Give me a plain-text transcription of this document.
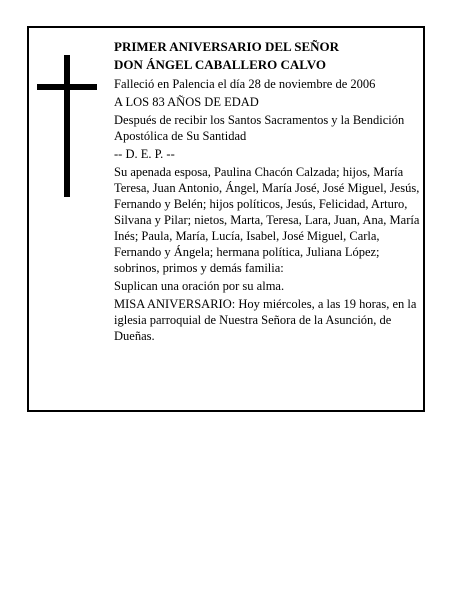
PRIMER ANIVERSARIO DEL SEÑOR

DON ÁNGEL CABALLERO CALVO

Falleció en Palencia el día 28 de noviembre de 2006

A LOS 83 AÑOS DE EDAD

Después de recibir los Santos Sacramentos y la Bendición Apostólica de Su Santidad

-- D. E. P. --

Su apenada esposa, Paulina Chacón Calzada; hijos, María Teresa, Juan Antonio, Ángel, María José, José Miguel, Jesús, Fernando y Belén; hijos políticos, Jesús, Felicidad, Arturo, Silvana y Pilar; nietos, Marta, Teresa, Lara, Juan, Ana, María Inés; Paula, María, Lucía, Isabel, José Miguel, Carla, Fernando y Ángela; hermana política, Juliana López; sobrinos, primos y demás familia:

Suplican una oración por su alma.

MISA ANIVERSARIO: Hoy miércoles, a las 19 horas, en la iglesia parroquial de Nuestra Señora de la Asunción, de Dueñas.
